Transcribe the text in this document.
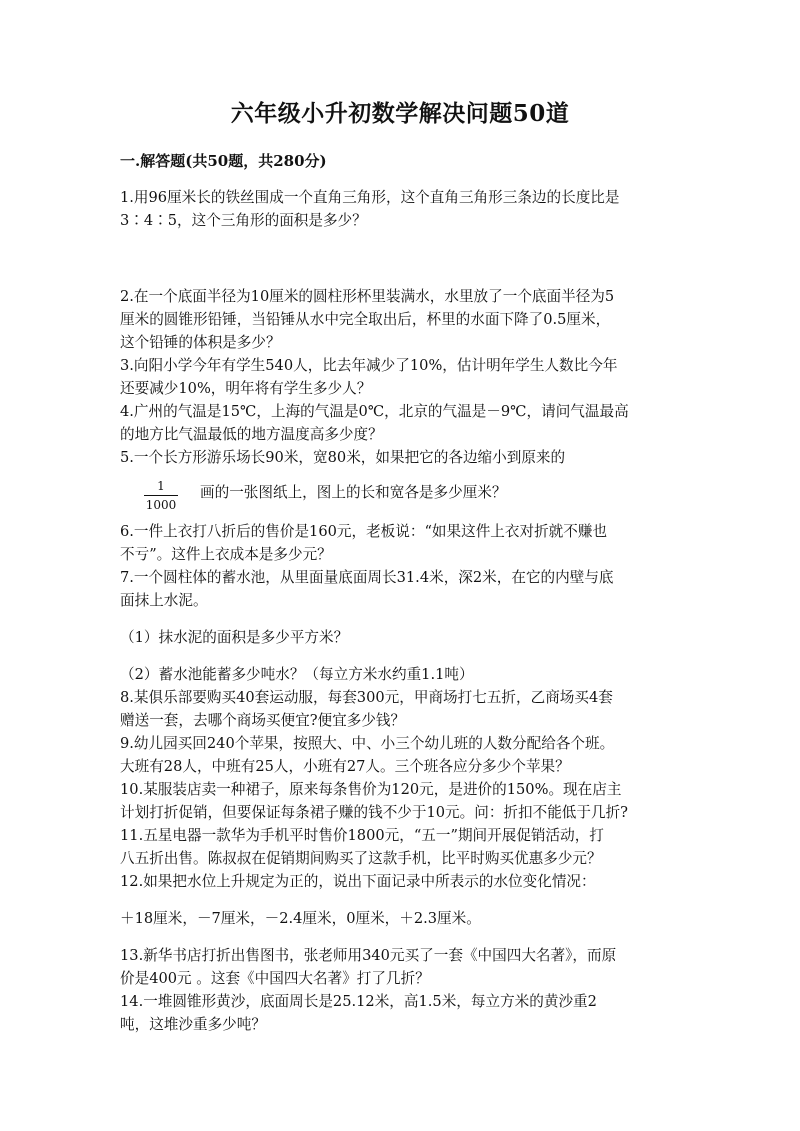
六年级小升初数学解决问题50道
一.解答题(共50题，共280分)
1.用96厘米长的铁丝围成一个直角三角形，这个直角三角形三条边的长度比是
3∶4∶5，这个三角形的面积是多少？
2.在一个底面半径为10厘米的圆柱形杯里装满水，水里放了一个底面半径为5
厘米的圆锥形铅锤，当铅锤从水中完全取出后，杯里的水面下降了0.5厘米，
这个铅锤的体积是多少？
3.向阳小学今年有学生540人，比去年减少了10%，估计明年学生人数比今年
还要减少10%，明年将有学生多少人？
4.广州的气温是15℃，上海的气温是0℃，北京的气温是－9℃，请问气温最高
的地方比气温最低的地方温度高多少度？
5.一个长方形游乐场长90米，宽80米，如果把它的各边缩小到原来的
$\frac{1}{1000}$ 画的一张图纸上，图上的长和宽各是多少厘米？
6.一件上衣打八折后的售价是160元，老板说：“如果这件上衣对折就不赚也
不亏”。这件上衣成本是多少元？
7.一个圆柱体的蓄水池，从里面量底面周长31.4米，深2米，在它的内壁与底
面抹上水泥。
（1）抹水泥的面积是多少平方米？
（2）蓄水池能蓄多少吨水？（每立方米水约重1.1吨）
8.某俱乐部要购买40套运动服，每套300元，甲商场打七五折，乙商场买4套
赠送一套，去哪个商场买便宜?便宜多少钱？
9.幼儿园买回240个苹果，按照大、中、小三个幼儿班的人数分配给各个班。
大班有28人，中班有25人，小班有27人。三个班各应分多少个苹果？
10.某服装店卖一种裙子，原来每条售价为120元，是进价的150%。现在店主
计划打折促销，但要保证每条裙子赚的钱不少于10元。问：折扣不能低于几折?
11.五星电器一款华为手机平时售价1800元，“五一”期间开展促销活动，打
八五折出售。陈叔叔在促销期间购买了这款手机，比平时购买优惠多少元？
12.如果把水位上升规定为正的，说出下面记录中所表示的水位变化情况：
＋18厘米，－7厘米，－2.4厘米，0厘米，＋2.3厘米。
13.新华书店打折出售图书，张老师用340元买了一套《中国四大名著》，而原
价是400元 。这套《中国四大名著》打了几折？
14.一堆圆锥形黄沙，底面周长是25.12米，高1.5米，每立方米的黄沙重2
吨，这堆沙重多少吨？
